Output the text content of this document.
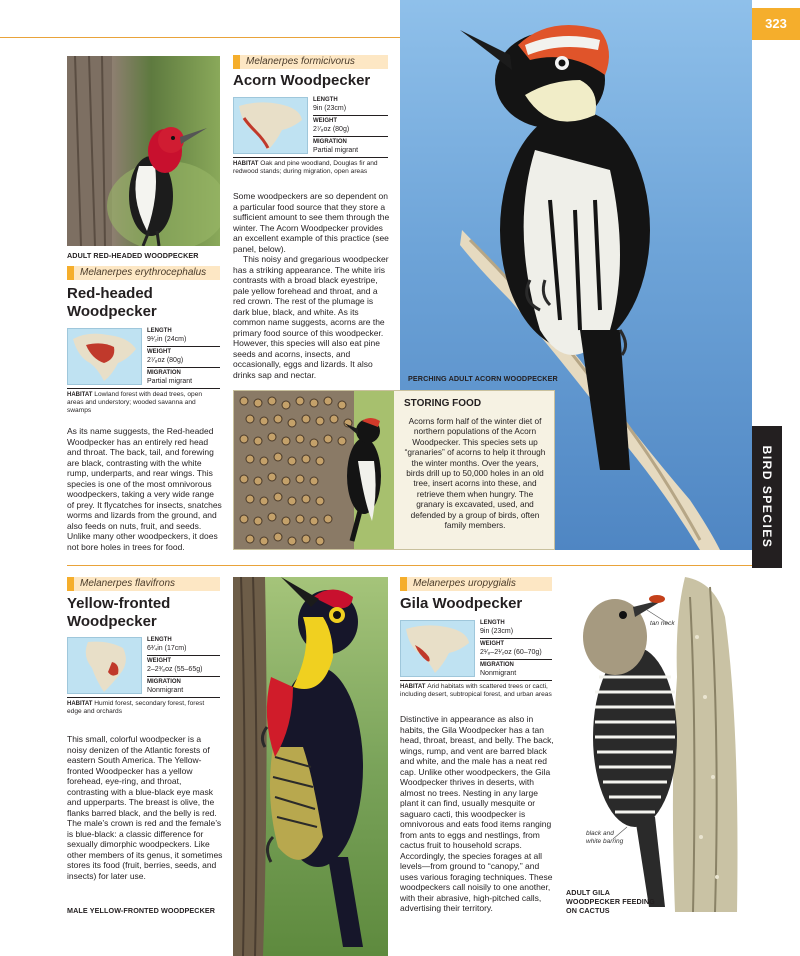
323
BIRD SPECIES
ADULT RED-HEADED WOODPECKER
Melanerpes erythrocephalus
Red-headed
Woodpecker
LENGTH
9¹⁄₂in (24cm)
WEIGHT
2⁷⁄₈oz (80g)
MIGRATION
Partial migrant
HABITAT Lowland forest with dead trees, open areas and understory; wooded savanna and swamps
As its name suggests, the Red-headed Woodpecker has an entirely red head and throat. The back, tail, and forewing are black, contrasting with the white rump, underparts, and rear wings. This species is one of the most omnivorous woodpeckers, taking a very wide range of prey. It flycatches for insects, snatches worms and lizards from the ground, and also feeds on nuts, fruit, and seeds. Unlike many other woodpeckers, it does not bore holes in trees for food.
Melanerpes formicivorus
Acorn Woodpecker
LENGTH
9in (23cm)
WEIGHT
2⁷⁄₈oz (80g)
MIGRATION
Partial migrant
HABITAT Oak and pine woodland, Douglas fir and redwood stands; during migration, open areas
Some woodpeckers are so dependent on a particular food source that they store a sufficient amount to see them through the winter. The Acorn Woodpecker provides an excellent example of this practice (see panel, below).
This noisy and gregarious woodpecker has a striking appearance. The white iris contrasts with a broad black eyestripe, pale yellow forehead and throat, and a red crown. The rest of the plumage is dark blue, black, and white. As its common name suggests, acorns are the primary food source of this woodpecker. However, this species will also eat pine seeds and acorns, insects, and occasionally, eggs and lizards. It also drinks sap and nectar.	PERCHING ADULT ACORN WOODPECKER
STORING FOOD
Acorns form half of the winter diet of northern populations of the Acorn Woodpecker. This species sets up “granaries” of acorns to help it through the winter months. Over the years, birds drill up to 50,000 holes in an old tree, insert acorns into these, and retrieve them when hungry. The granary is excavated, used, and defended by a group of birds, often family members.
Melanerpes flavifrons
Yellow-fronted
Woodpecker
LENGTH
6³⁄₄in (17cm)
WEIGHT
2–2³⁄₈oz (55–65g)
MIGRATION
Nonmigrant
HABITAT Humid forest, secondary forest, forest edge and orchards
This small, colorful woodpecker is a noisy denizen of the Atlantic forests of eastern South America. The Yellow-fronted Woodpecker has a yellow forehead, eye-ring, and throat, contrasting with a blue-black eye mask and upperparts. The breast is olive, the flanks barred black, and the belly is red. The male’s crown is red and the female’s is blue-black: a classic difference for sexually dimorphic woodpeckers. Like other members of its genus, it sometimes stores its food (fruit, berries, seeds, and insects) for later use.
MALE YELLOW-FRONTED WOODPECKER
Melanerpes uropygialis
Gila Woodpecker
LENGTH
9in (23cm)
WEIGHT
2¹⁄₈–2¹⁄₂oz (60–70g)
MIGRATION
Nonmigrant
HABITAT Arid habitats with scattered trees or cacti, including desert, subtropical forest, and urban areas
Distinctive in appearance as also in habits, the Gila Woodpecker has a tan head, throat, breast, and belly. The back, wings, rump, and vent are barred black and white, and the male has a neat red cap. Unlike other woodpeckers, the Gila Woodpecker thrives in deserts, with almost no trees. Nesting in any large plant it can find, usually mesquite or saguaro cacti, this woodpecker is omnivorous and eats food items ranging from ants to eggs and nestlings, from cactus fruit to household scraps. Accordingly, the species forages at all levels—from ground to “canopy,” and uses various foraging techniques. These woodpeckers call noisily to one another, with their abrasive, high-pitched calls, advertising their territory.
tan neck
black and
white barring
ADULT GILA
WOODPECKER FEEDING
ON CACTUS
